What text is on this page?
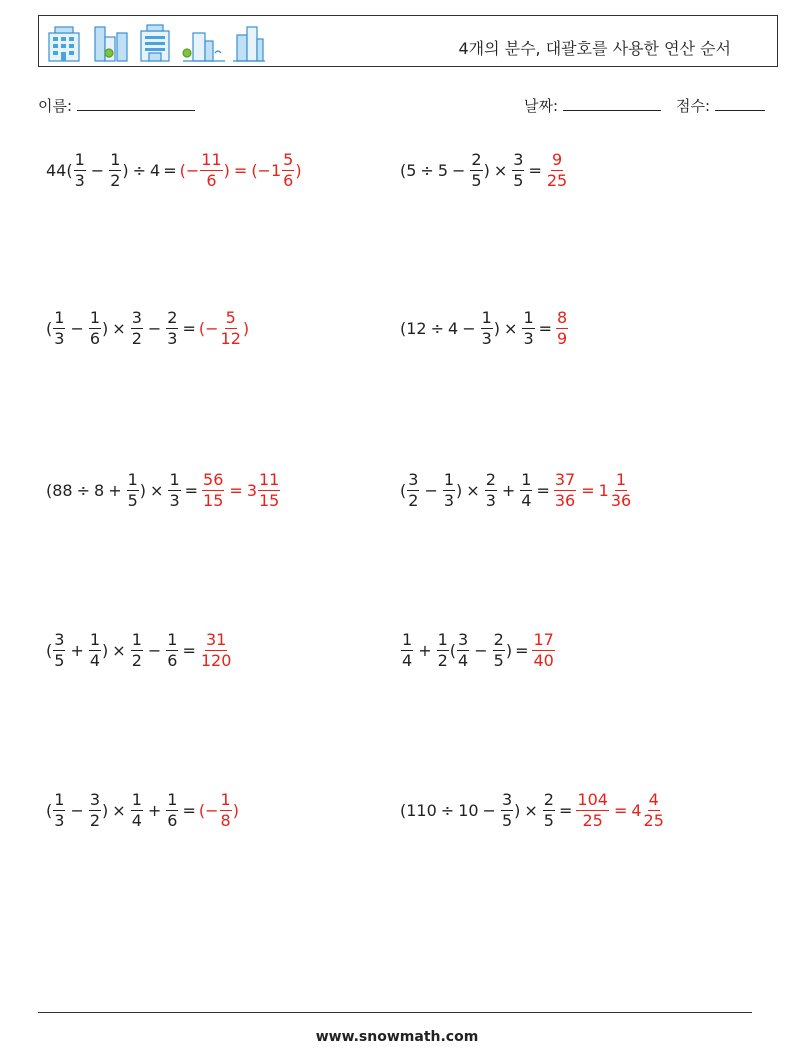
4개의 분수, 대괄호를 사용한 연산 순서
이름:	날짜:	점수:
$44( \frac{1}{3} - \frac{1}{2}$ ) ÷ 4 = (− $\frac{11}{6}$ ) = ($-1 \frac{5}{6}$ )	($5 \div 5 - \frac{2}{5}$ ) × $\frac{3}{5} = \frac{9}{25}$
( $\frac{1}{3} - \frac{1}{6}$ ) × $\frac{3}{2} - \frac{2}{3}$ = (− $\frac{5}{12}$ )	($12 \div 4 - \frac{1}{3}$ ) × $\frac{1}{3} = \frac{8}{9}$
($88 \div 8 + \frac{1}{5}$ ) × $\frac{1}{3} = \frac{56}{15} = 3 \frac{11}{15}$	( $\frac{3}{2} - \frac{1}{3}$ ) × $\frac{2}{3} + \frac{1}{4} = \frac{37}{36} = 1 \frac{1}{36}$
( $\frac{3}{5} + \frac{1}{4}$ ) × $\frac{1}{2} - \frac{1}{6} = \frac{31}{120}$	$\frac{1}{4} + \frac{1}{2}$ ( $\frac{3}{4} - \frac{2}{5}$ ) = $\frac{17}{40}$
( $\frac{1}{3} - \frac{3}{2}$ ) × $\frac{1}{4} + \frac{1}{6}$ = (− $\frac{1}{8}$ )	($110 \div 10 - \frac{3}{5}$ ) × $\frac{2}{5} = \frac{104}{25} = 4 \frac{4}{25}$
www.snowmath.com
